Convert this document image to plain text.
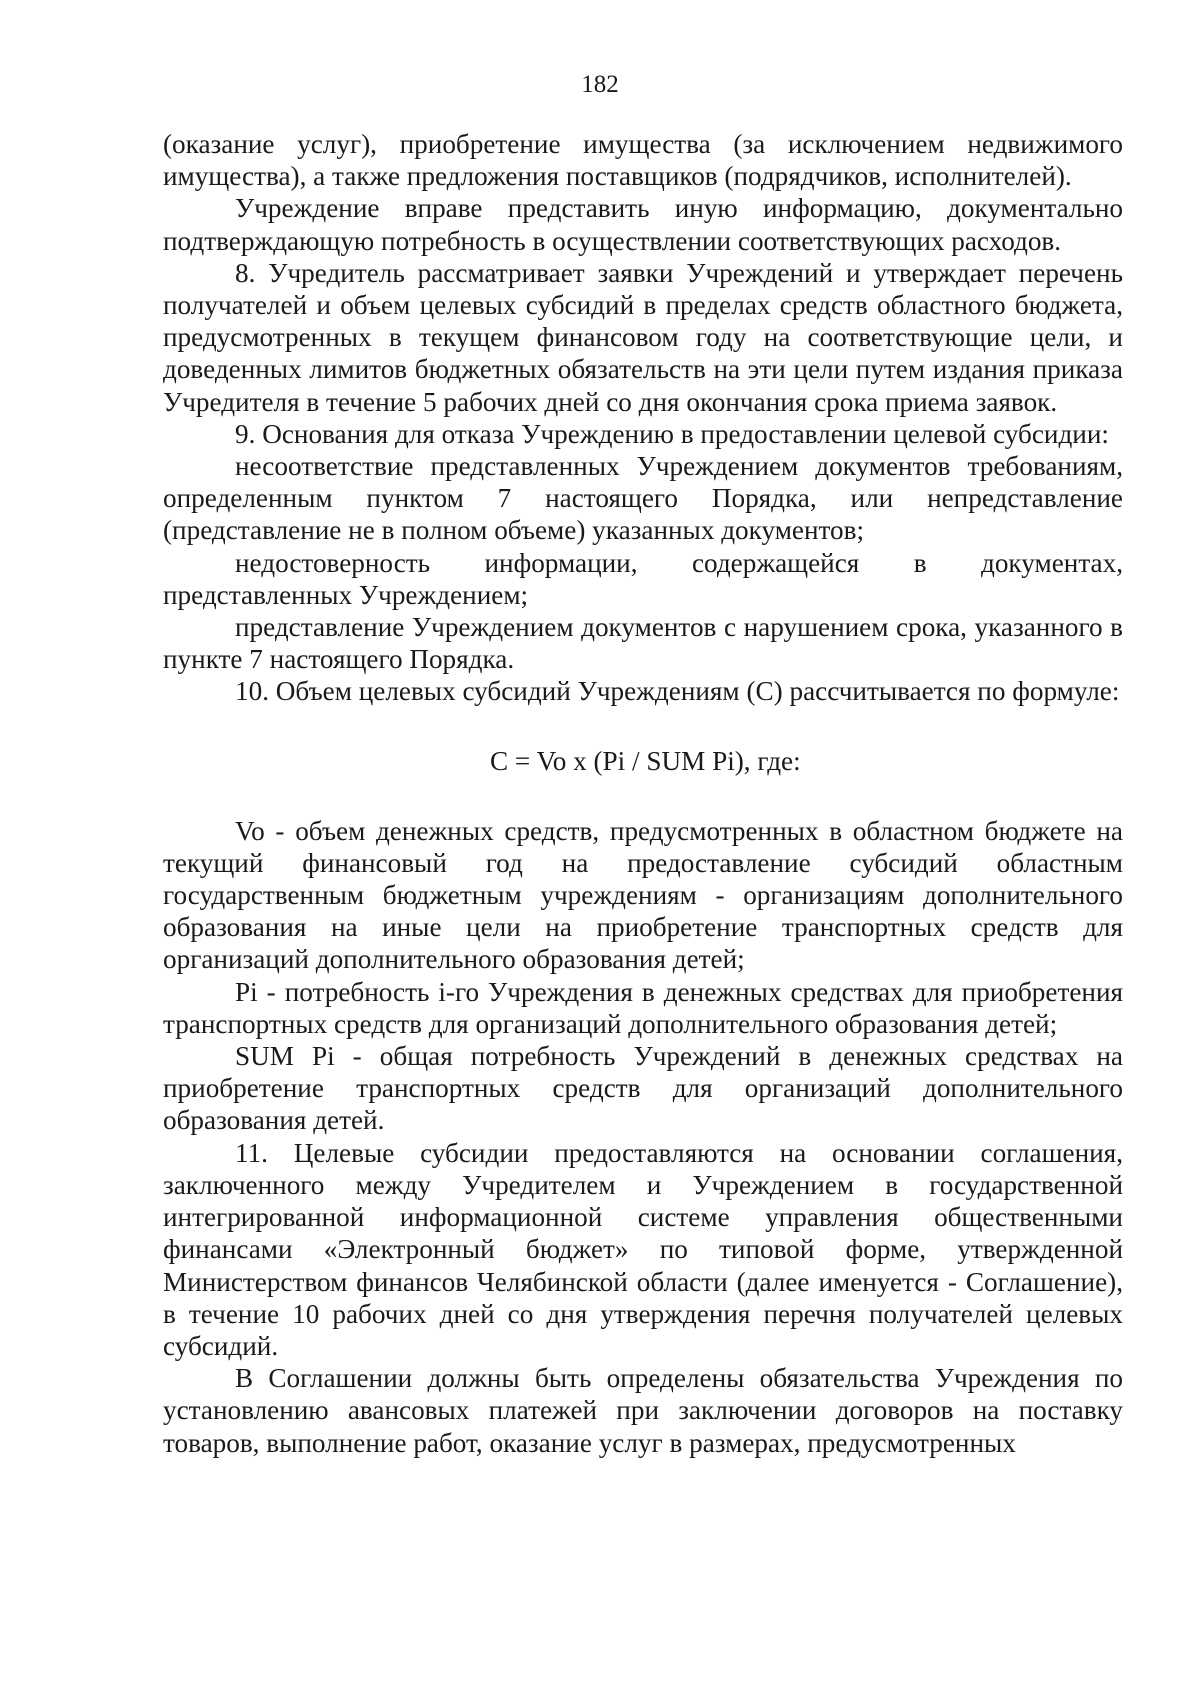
182

(оказание услуг), приобретение имущества (за исключением недвижимого имущества), а также предложения поставщиков (подрядчиков, исполнителей).

Учреждение вправе представить иную информацию, документально подтверждающую потребность в осуществлении соответствующих расходов.

8. Учредитель рассматривает заявки Учреждений и утверждает перечень получателей и объем целевых субсидий в пределах средств областного бюджета, предусмотренных в текущем финансовом году на соответствующие цели, и доведенных лимитов бюджетных обязательств на эти цели путем издания приказа Учредителя в течение 5 рабочих дней со дня окончания срока приема заявок.

9. Основания для отказа Учреждению в предоставлении целевой субсидии:

несоответствие представленных Учреждением документов требованиям, определенным пунктом 7 настоящего Порядка, или непредставление (представление не в полном объеме) указанных документов;

недостоверность информации, содержащейся в документах, представленных Учреждением;

представление Учреждением документов с нарушением срока, указанного в пункте 7 настоящего Порядка.

10. Объем целевых субсидий Учреждениям (С) рассчитывается по формуле:

C = Vo x (Pi / SUM Pi), где:

Vo - объем денежных средств, предусмотренных в областном бюджете на текущий финансовый год на предоставление субсидий областным государственным бюджетным учреждениям - организациям дополнительного образования на иные цели на приобретение транспортных средств для организаций дополнительного образования детей;

Pi - потребность i-го Учреждения в денежных средствах для приобретения транспортных средств для организаций дополнительного образования детей;

SUM Pi - общая потребность Учреждений в денежных средствах на приобретение транспортных средств для организаций дополнительного образования детей.

11. Целевые субсидии предоставляются на основании соглашения, заключенного между Учредителем и Учреждением в государственной интегрированной информационной системе управления общественными финансами «Электронный бюджет» по типовой форме, утвержденной Министерством финансов Челябинской области (далее именуется - Соглашение), в течение 10 рабочих дней со дня утверждения перечня получателей целевых субсидий.

В Соглашении должны быть определены обязательства Учреждения по установлению авансовых платежей при заключении договоров на поставку товаров, выполнение работ, оказание услуг в размерах, предусмотренных
